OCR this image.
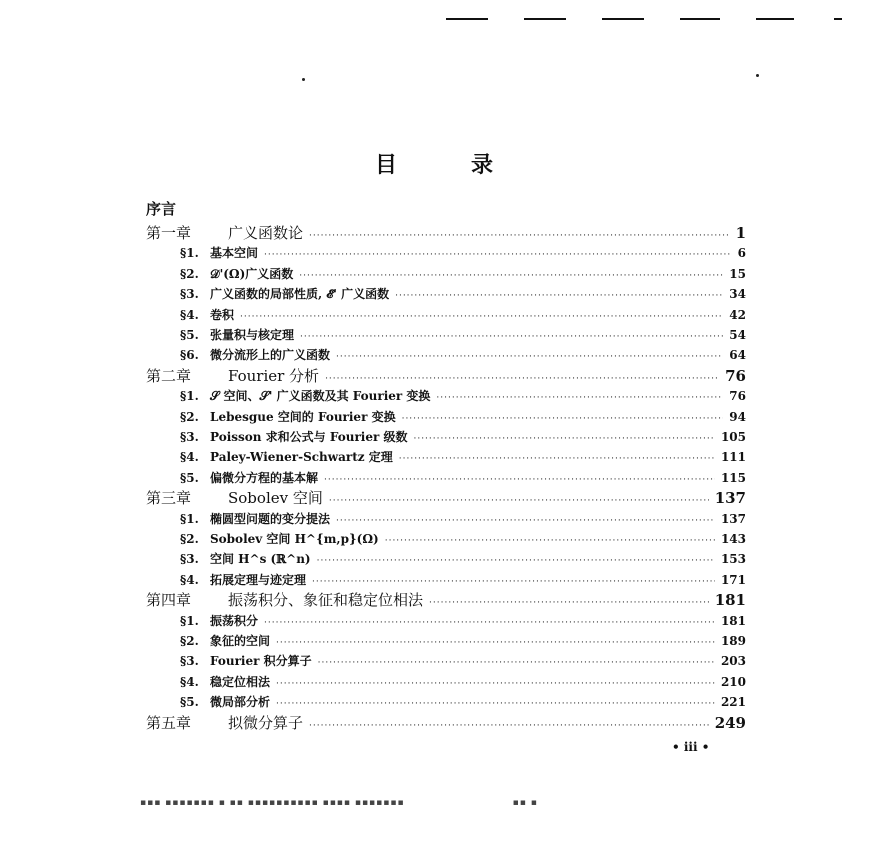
目	录
序言
第一章	广义函数论 ·····	1
§1. 基本空间 ·····	6
§2. 𝒟'(Ω)广义函数 ·····	15
§3. 广义函数的局部性质, 𝓔' 广义函数 ·····	34
§4. 卷积 ·····	42
§5. 张量积与核定理 ·····	54
§6. 微分流形上的广义函数 ·····	64
第二章	Fourier 分析 ·····	76
§1. 𝒮 空间、𝒮' 广义函数及其 Fourier 变换 ·····	76
§2. Lebesgue 空间的 Fourier 变换 ·····	94
§3. Poisson 求和公式与 Fourier 级数 ·····	105
§4. Paley-Wiener-Schwartz 定理 ·····	111
§5. 偏微分方程的基本解 ·····	115
第三章	Sobolev 空间 ·····	137
§1. 椭圆型问题的变分提法 ·····	137
§2. Sobolev 空间 H^{m,p}(Ω) ·····	143
§3. 空间 H^s (ℝ^n) ·····	153
§4. 拓展定理与迹定理 ·····	171
第四章	振荡积分、象征和稳定位相法 ·····	181
§1. 振荡积分 ·····	181
§2. 象征的空间 ·····	189
§3. Fourier 积分算子 ·····	203
§4. 稳定位相法 ·····	210
§5. 微局部分析 ·····	221
第五章	拟微分算子 ·····	249
• iii •
▪▪▪ ▪▪▪▪▪▪▪ ▪ ▪▪ ▪▪▪▪▪▪▪▪▪▪ ▪▪▪▪ ▪▪▪▪▪▪▪                            ▪▪ ▪
